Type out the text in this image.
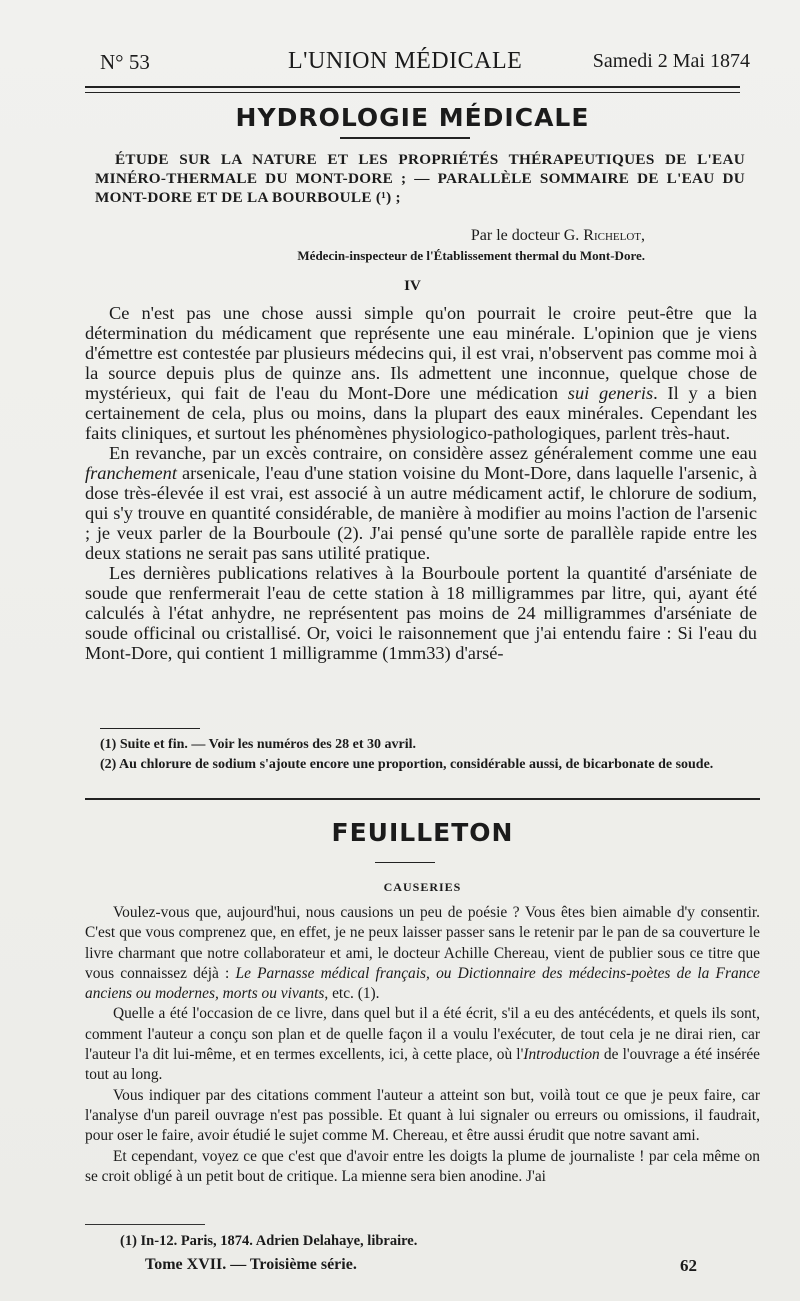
N° 53	L'UNION MÉDICALE	Samedi 2 Mai 1874
HYDROLOGIE MÉDICALE
ÉTUDE SUR LA NATURE ET LES PROPRIÉTÉS THÉRAPEUTIQUES DE L'EAU MINÉRO-THERMALE DU MONT-DORE ; — PARALLÈLE SOMMAIRE DE L'EAU DU MONT-DORE ET DE LA BOURBOULE (¹) ;
Par le docteur G. Richelot,
Médecin-inspecteur de l'Établissement thermal du Mont-Dore.
IV

Ce n'est pas une chose aussi simple qu'on pourrait le croire peut-être que la détermination du médicament que représente une eau minérale. L'opinion que je viens d'émettre est contestée par plusieurs médecins qui, il est vrai, n'observent pas comme moi à la source depuis plus de quinze ans. Ils admettent une inconnue, quelque chose de mystérieux, qui fait de l'eau du Mont-Dore une médication sui generis. Il y a bien certainement de cela, plus ou moins, dans la plupart des eaux minérales. Cependant les faits cliniques, et surtout les phénomènes physiologico-pathologiques, parlent très-haut.

En revanche, par un excès contraire, on considère assez généralement comme une eau franchement arsenicale, l'eau d'une station voisine du Mont-Dore, dans laquelle l'arsenic, à dose très-élevée il est vrai, est associé à un autre médicament actif, le chlorure de sodium, qui s'y trouve en quantité considérable, de manière à modifier au moins l'action de l'arsenic ; je veux parler de la Bourboule (2). J'ai pensé qu'une sorte de parallèle rapide entre les deux stations ne serait pas sans utilité pratique.

Les dernières publications relatives à la Bourboule portent la quantité d'arséniate de soude que renfermerait l'eau de cette station à 18 milligrammes par litre, qui, ayant été calculés à l'état anhydre, ne représentent pas moins de 24 milligrammes d'arséniate de soude officinal ou cristallisé. Or, voici le raisonnement que j'ai entendu faire : Si l'eau du Mont-Dore, qui contient 1 milligramme (1mm33) d'arsé-

(1) Suite et fin. — Voir les numéros des 28 et 30 avril.

(2) Au chlorure de sodium s'ajoute encore une proportion, considérable aussi, de bicarbonate de soude.

FEUILLETON
CAUSERIES

Voulez-vous que, aujourd'hui, nous causions un peu de poésie ? Vous êtes bien aimable d'y consentir. C'est que vous comprenez que, en effet, je ne peux laisser passer sans le retenir par le pan de sa couverture le livre charmant que notre collaborateur et ami, le docteur Achille Chereau, vient de publier sous ce titre que vous connaissez déjà : Le Parnasse médical français, ou Dictionnaire des médecins-poètes de la France anciens ou modernes, morts ou vivants, etc. (1).

Quelle a été l'occasion de ce livre, dans quel but il a été écrit, s'il a eu des antécédents, et quels ils sont, comment l'auteur a conçu son plan et de quelle façon il a voulu l'exécuter, de tout cela je ne dirai rien, car l'auteur l'a dit lui-même, et en termes excellents, ici, à cette place, où l'Introduction de l'ouvrage a été insérée tout au long.

Vous indiquer par des citations comment l'auteur a atteint son but, voilà tout ce que je peux faire, car l'analyse d'un pareil ouvrage n'est pas possible. Et quant à lui signaler ou erreurs ou omissions, il faudrait, pour oser le faire, avoir étudié le sujet comme M. Chereau, et être aussi érudit que notre savant ami.

Et cependant, voyez ce que c'est que d'avoir entre les doigts la plume de journaliste ! par cela même on se croit obligé à un petit bout de critique. La mienne sera bien anodine. J'ai

(1) In-12. Paris, 1874. Adrien Delahaye, libraire.
Tome XVII. — Troisième série.	62
